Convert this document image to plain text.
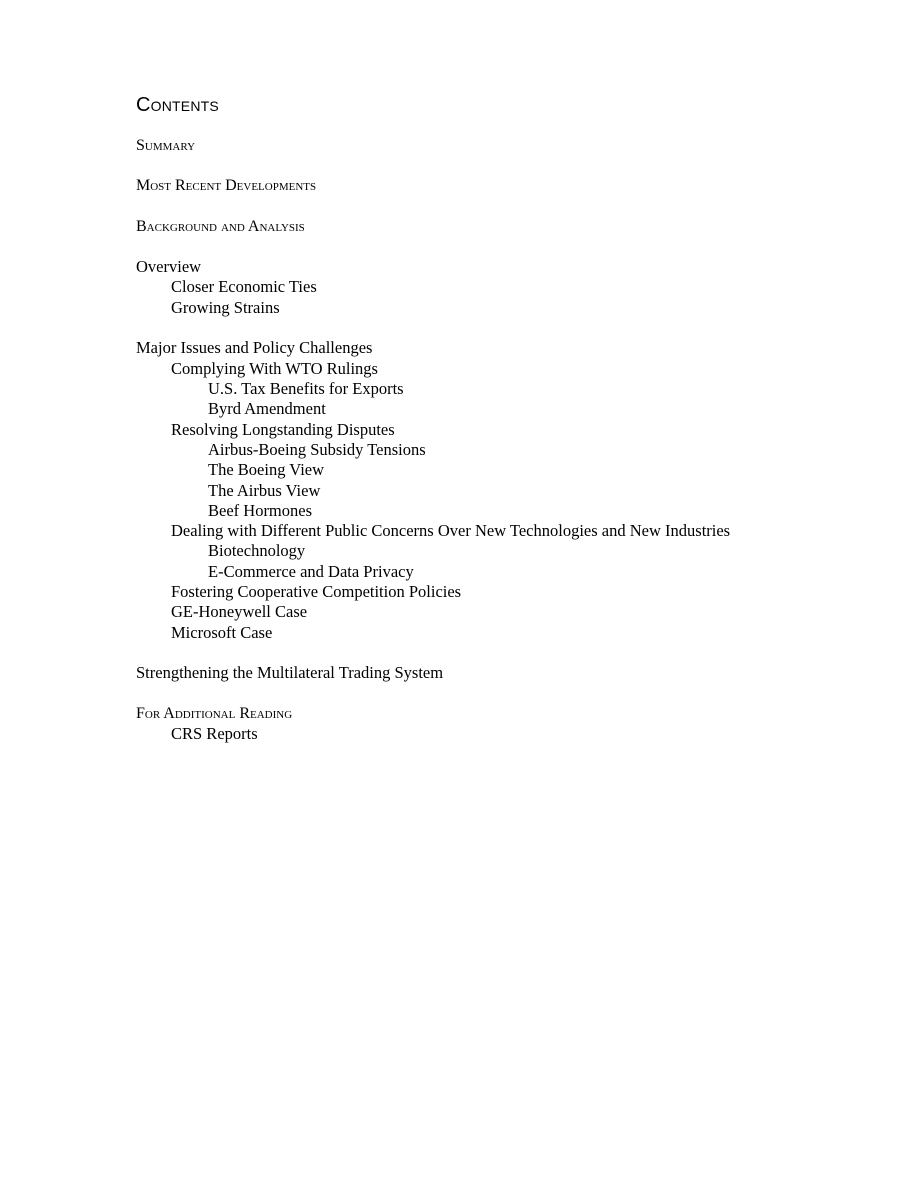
Contents
Summary
Most Recent Developments
Background and Analysis
Overview
Closer Economic Ties
Growing Strains
Major Issues and Policy Challenges
Complying With WTO Rulings
U.S. Tax Benefits for Exports
Byrd Amendment
Resolving Longstanding Disputes
Airbus-Boeing Subsidy Tensions
The Boeing View
The Airbus View
Beef Hormones
Dealing with Different Public Concerns Over New Technologies and New Industries
Biotechnology
E-Commerce and Data Privacy
Fostering Cooperative Competition Policies
GE-Honeywell Case
Microsoft Case
Strengthening the Multilateral Trading System
For Additional Reading
CRS Reports
